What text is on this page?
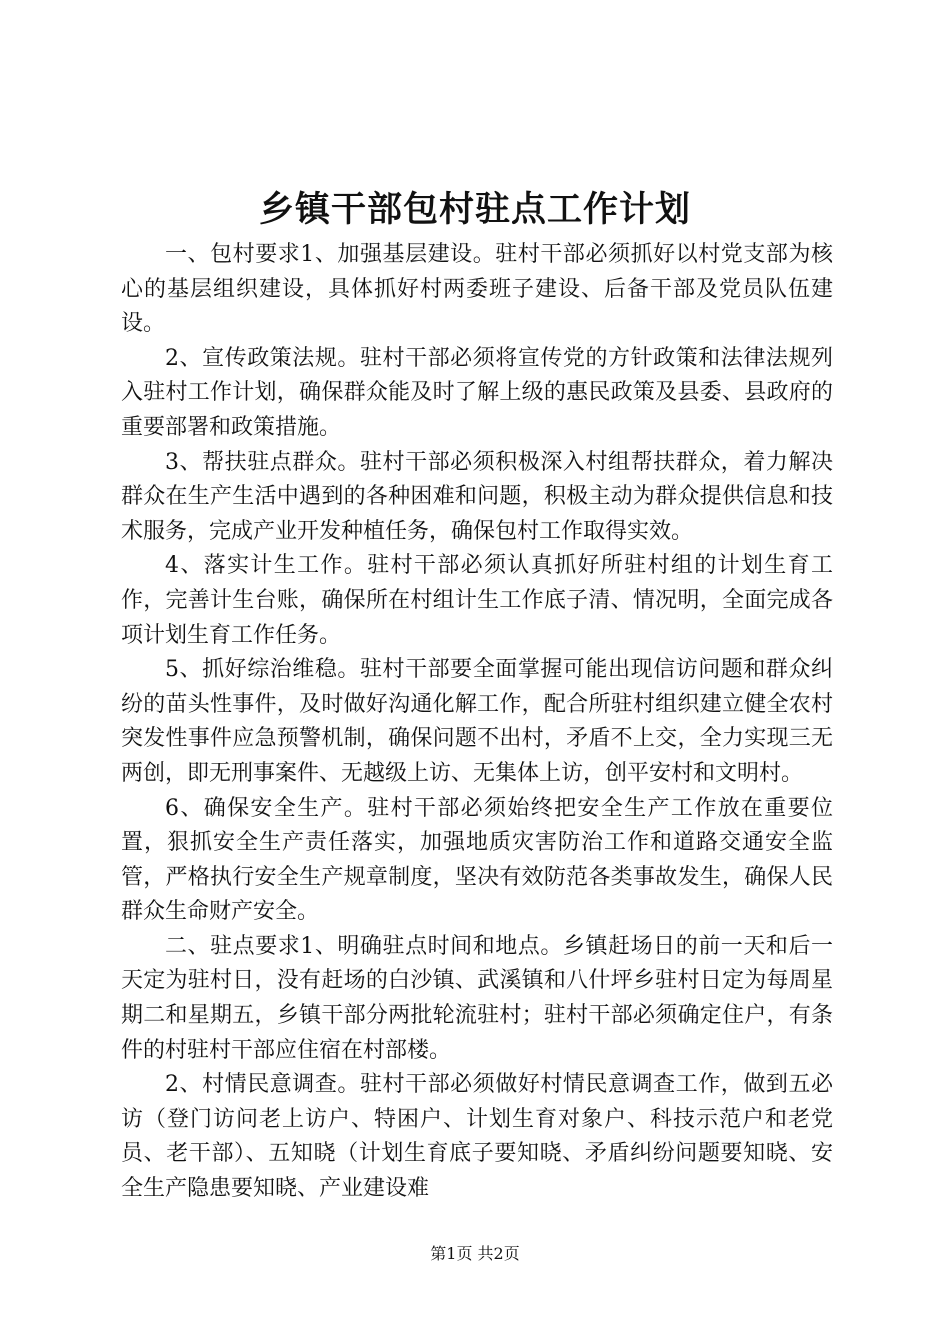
乡镇干部包村驻点工作计划

一、包村要求1、加强基层建设。驻村干部必须抓好以村党支部为核心的基层组织建设，具体抓好村两委班子建设、后备干部及党员队伍建设。

2、宣传政策法规。驻村干部必须将宣传党的方针政策和法律法规列入驻村工作计划，确保群众能及时了解上级的惠民政策及县委、县政府的重要部署和政策措施。

3、帮扶驻点群众。驻村干部必须积极深入村组帮扶群众，着力解决群众在生产生活中遇到的各种困难和问题，积极主动为群众提供信息和技术服务，完成产业开发种植任务，确保包村工作取得实效。

4、落实计生工作。驻村干部必须认真抓好所驻村组的计划生育工作，完善计生台账，确保所在村组计生工作底子清、情况明，全面完成各项计划生育工作任务。

5、抓好综治维稳。驻村干部要全面掌握可能出现信访问题和群众纠纷的苗头性事件，及时做好沟通化解工作，配合所驻村组织建立健全农村突发性事件应急预警机制，确保问题不出村，矛盾不上交，全力实现三无两创，即无刑事案件、无越级上访、无集体上访，创平安村和文明村。

6、确保安全生产。驻村干部必须始终把安全生产工作放在重要位置，狠抓安全生产责任落实，加强地质灾害防治工作和道路交通安全监管，严格执行安全生产规章制度，坚决有效防范各类事故发生，确保人民群众生命财产安全。

二、驻点要求1、明确驻点时间和地点。乡镇赶场日的前一天和后一天定为驻村日，没有赶场的白沙镇、武溪镇和八什坪乡驻村日定为每周星期二和星期五，乡镇干部分两批轮流驻村；驻村干部必须确定住户，有条件的村驻村干部应住宿在村部楼。

2、村情民意调查。驻村干部必须做好村情民意调查工作，做到五必访（登门访问老上访户、特困户、计划生育对象户、科技示范户和老党员、老干部）、五知晓（计划生育底子要知晓、矛盾纠纷问题要知晓、安全生产隐患要知晓、产业建设难

第1页 共2页
